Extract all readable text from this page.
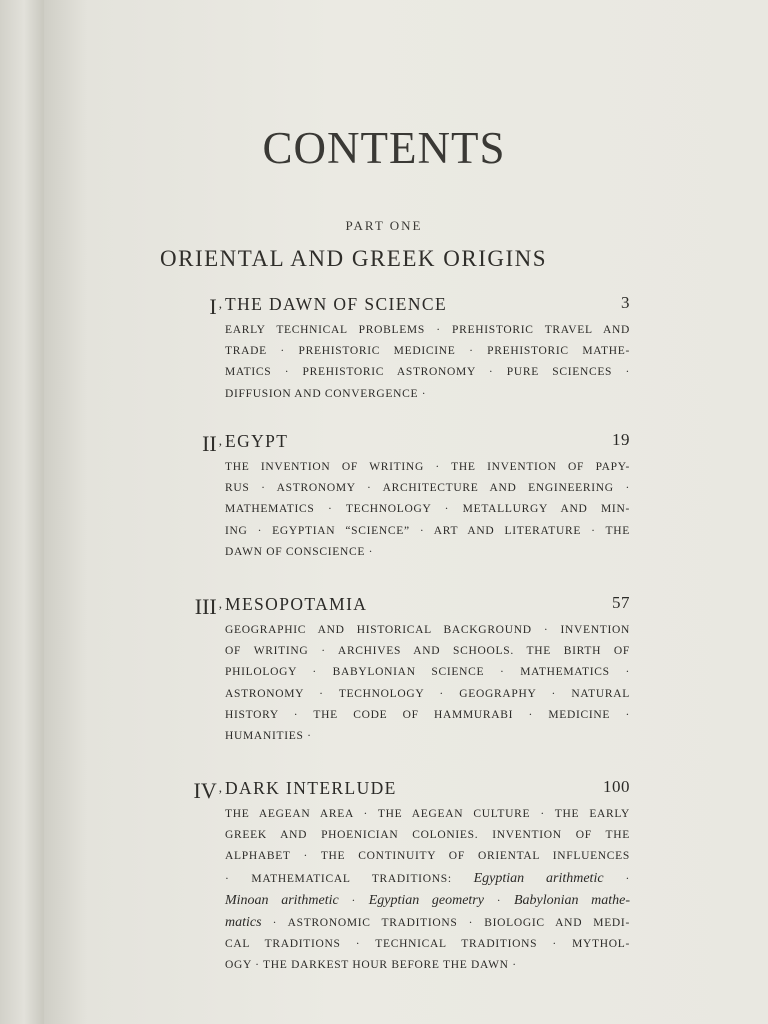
CONTENTS
PART ONE
ORIENTAL AND GREEK ORIGINS
I , THE DAWN OF SCIENCE	3
EARLY TECHNICAL PROBLEMS · PREHISTORIC TRAVEL AND
TRADE · PREHISTORIC MEDICINE · PREHISTORIC MATHE-
MATICS · PREHISTORIC ASTRONOMY · PURE SCIENCES ·
DIFFUSION AND CONVERGENCE ·
II , EGYPT	19
THE INVENTION OF WRITING · THE INVENTION OF PAPY-
RUS · ASTRONOMY · ARCHITECTURE AND ENGINEERING ·
MATHEMATICS · TECHNOLOGY · METALLURGY AND MIN-
ING · EGYPTIAN “SCIENCE” · ART AND LITERATURE · THE
DAWN OF CONSCIENCE ·
III , MESOPOTAMIA	57
GEOGRAPHIC AND HISTORICAL BACKGROUND · INVENTION
OF WRITING · ARCHIVES AND SCHOOLS. THE BIRTH OF
PHILOLOGY · BABYLONIAN SCIENCE · MATHEMATICS ·
ASTRONOMY · TECHNOLOGY · GEOGRAPHY · NATURAL
HISTORY · THE CODE OF HAMMURABI · MEDICINE ·
HUMANITIES ·
IV , DARK INTERLUDE	100
THE AEGEAN AREA · THE AEGEAN CULTURE · THE EARLY
GREEK AND PHOENICIAN COLONIES. INVENTION OF THE
ALPHABET · THE CONTINUITY OF ORIENTAL INFLUENCES
· MATHEMATICAL TRADITIONS: Egyptian arithmetic ·
Minoan arithmetic · Egyptian geometry · Babylonian mathe-
matics · ASTRONOMIC TRADITIONS · BIOLOGIC AND MEDI-
CAL TRADITIONS · TECHNICAL TRADITIONS · MYTHOL-
OGY · THE DARKEST HOUR BEFORE THE DAWN ·
